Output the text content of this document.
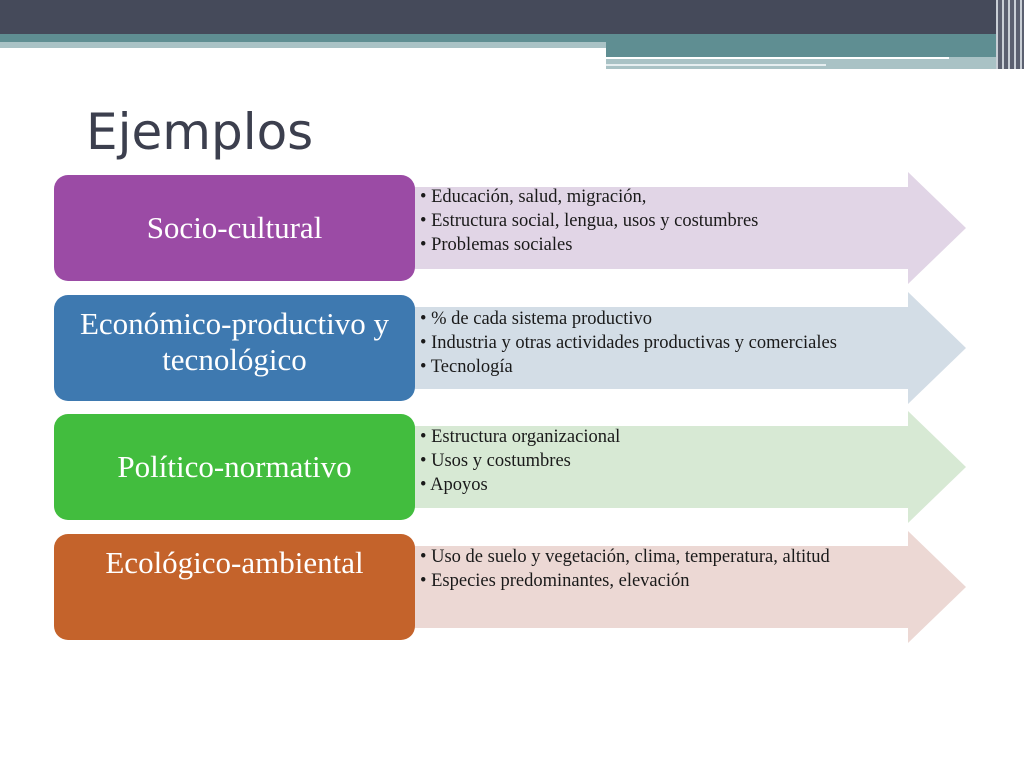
Ejemplos
Socio-cultural
• Educación, salud, migración,
• Estructura social, lengua, usos y costumbres
• Problemas sociales
Económico-productivo y tecnológico
• % de cada sistema productivo
• Industria y otras actividades productivas y comerciales
• Tecnología
Político-normativo
• Estructura organizacional
• Usos y costumbres
• Apoyos
Ecológico-ambiental
•	Uso de suelo y vegetación, clima, temperatura, altitud
• Especies predominantes, elevación
